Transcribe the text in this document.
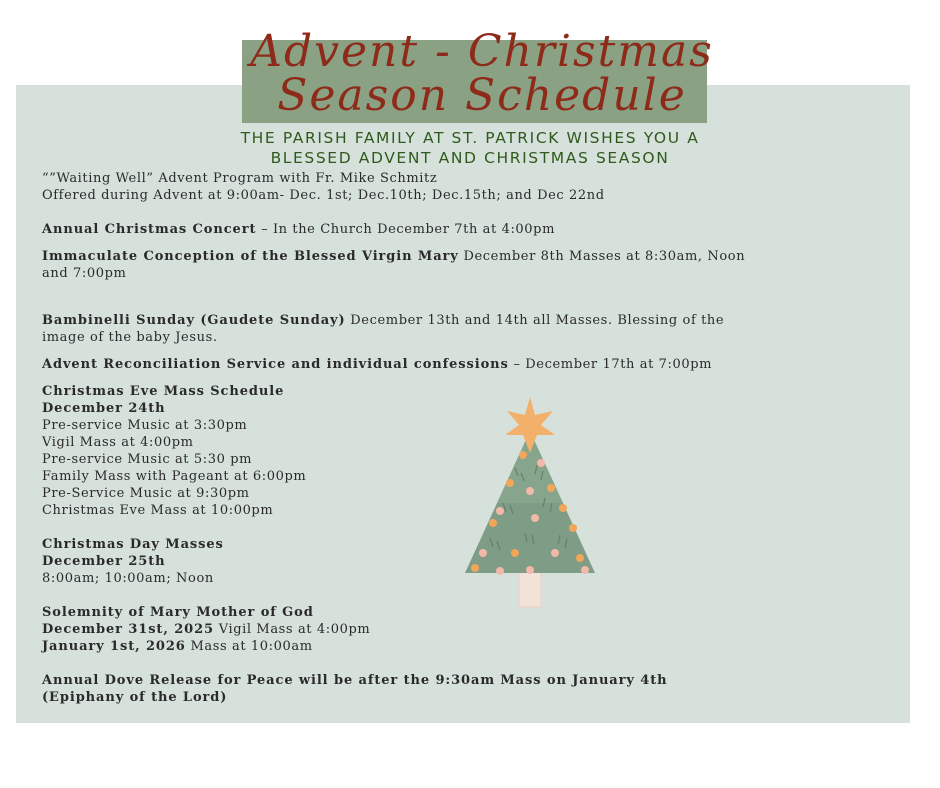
Advent - Christmas
Season Schedule
THE PARISH FAMILY AT ST. PATRICK WISHES YOU A
BLESSED ADVENT AND CHRISTMAS SEASON

“”Waiting Well” Advent Program with Fr. Mike Schmitz

Offered during Advent at 9:00am- Dec. 1st; Dec.10th; Dec.15th; and Dec 22nd

Annual Christmas Concert – In the Church December 7th at 4:00pm

Immaculate Conception of the Blessed Virgin Mary December 8th Masses at 8:30am, Noon and 7:00pm

Bambinelli Sunday (Gaudete Sunday) December 13th and 14th all Masses. Blessing of the image of the baby Jesus.

Advent Reconciliation Service and individual confessions – December 17th at 7:00pm

Christmas Eve Mass Schedule

December 24th

Pre-service Music at 3:30pm

Vigil Mass at 4:00pm

Pre-service Music at 5:30 pm

Family Mass with Pageant at 6:00pm

Pre-Service Music at 9:30pm

Christmas Eve Mass at 10:00pm

Christmas Day Masses

December 25th

8:00am; 10:00am; Noon

Solemnity of Mary Mother of God

December 31st, 2025 Vigil Mass at 4:00pm

January 1st, 2026 Mass at 10:00am

Annual Dove Release for Peace will be after the 9:30am Mass on January 4th

(Epiphany of the Lord)
